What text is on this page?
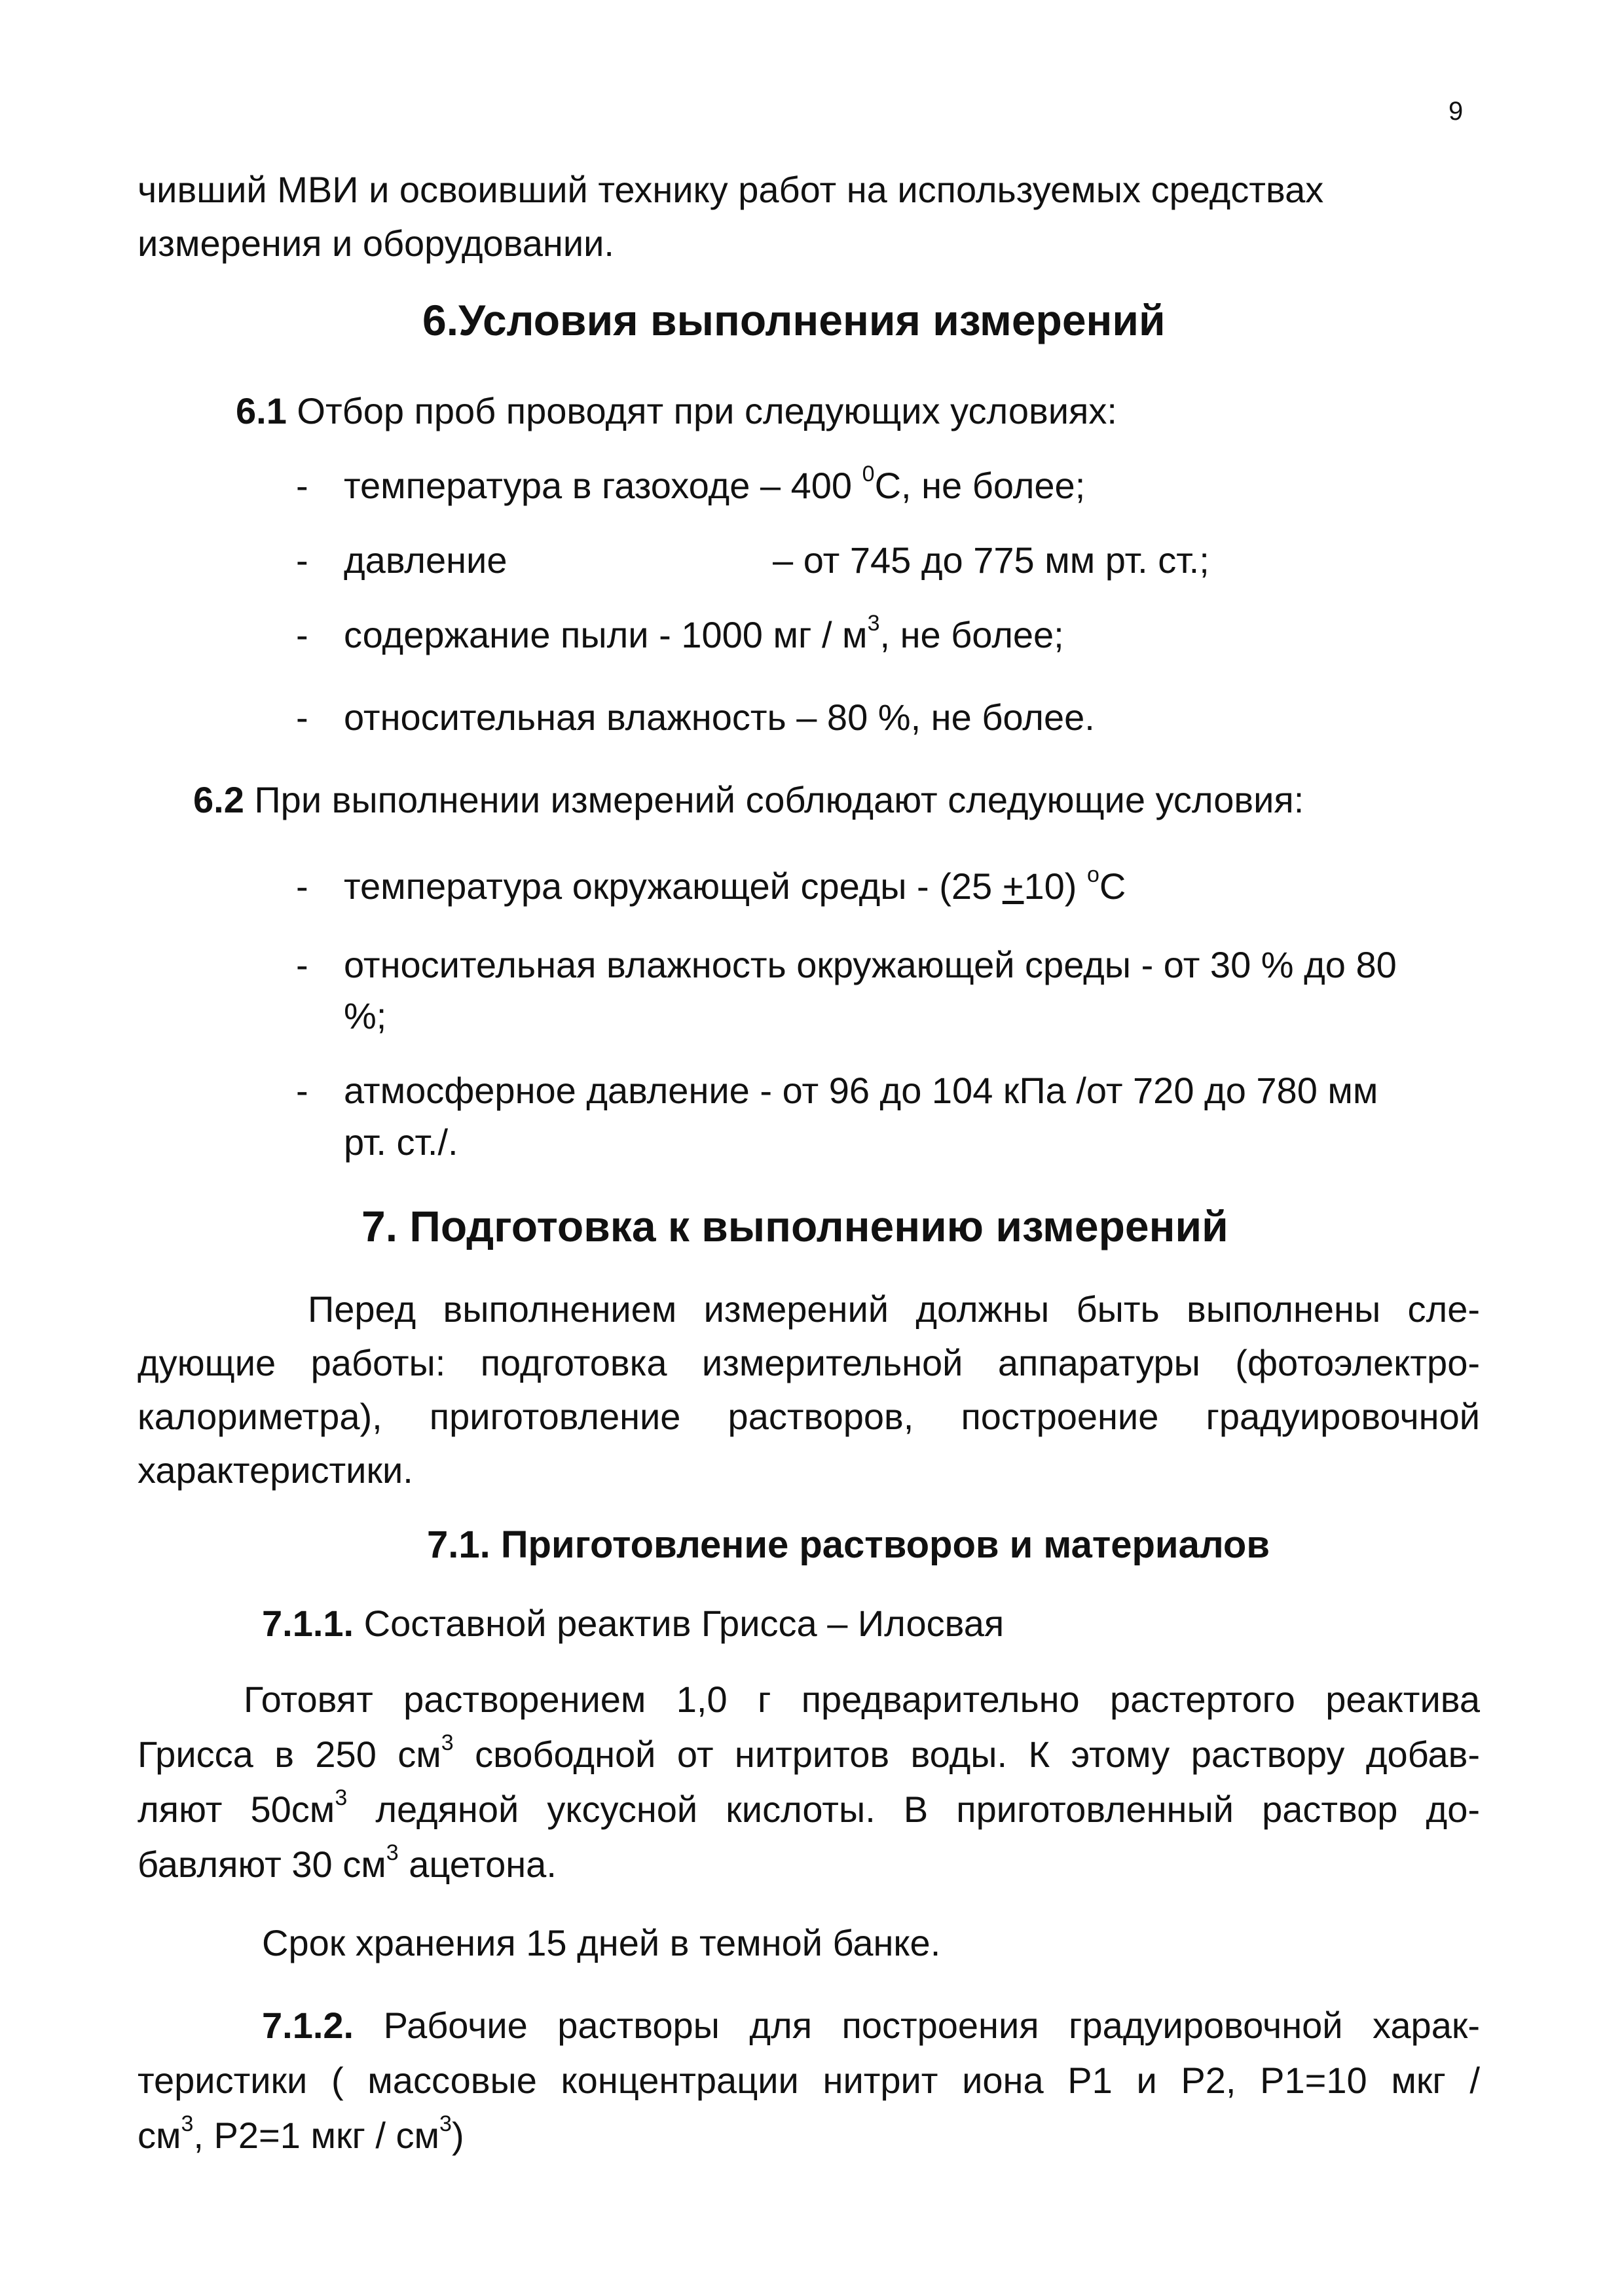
9

чивший МВИ и освоивший технику работ на используемых средствах

измерения и оборудовании.

6.Условия выполнения измерений

6.1 Отбор проб проводят при следующих условиях:

- температура в газоходе – 400 $^0$С, не более;

- давление	– от 745 до 775 мм рт. ст.;

- содержание пыли - 1000 мг / $м^3$, не более;

- относительная влажность – 80 %, не более.

6.2 При выполнении измерений соблюдают следующие условия:

- температура окружающей среды - (25 +10) $^о$С

- относительная влажность окружающей среды - от 30 % до 80

%;

- атмосферное давление - от 96 до 104 кПа /от 720 до 780 мм

рт. ст./.

7. Подготовка к выполнению измерений

Перед выполнением измерений должны быть выполнены сле-

дующие работы: подготовка измерительной аппаратуры (фотоэлектро-

калориметра), приготовление растворов, построение градуировочной

характеристики.

7.1. Приготовление растворов и материалов

7.1.1. Составной реактив Грисса – Илосвая

Готовят растворением 1,0 г предварительно растертого реактива

Грисса в 250 $см^3$ свободной от нитритов воды. К этому раствору добав-

ляют $50см^3$ ледяной уксусной кислоты. В приготовленный раствор до-

бавляют 30 $см^3$ ацетона.

Срок хранения 15 дней в темной банке.

7.1.2. Рабочие растворы для построения градуировочной харак-

теристики ( массовые концентрации нитрит иона Р1 и Р2, Р1=10 мкг /

$см^3$, Р2=1 мкг / $см^3$)
